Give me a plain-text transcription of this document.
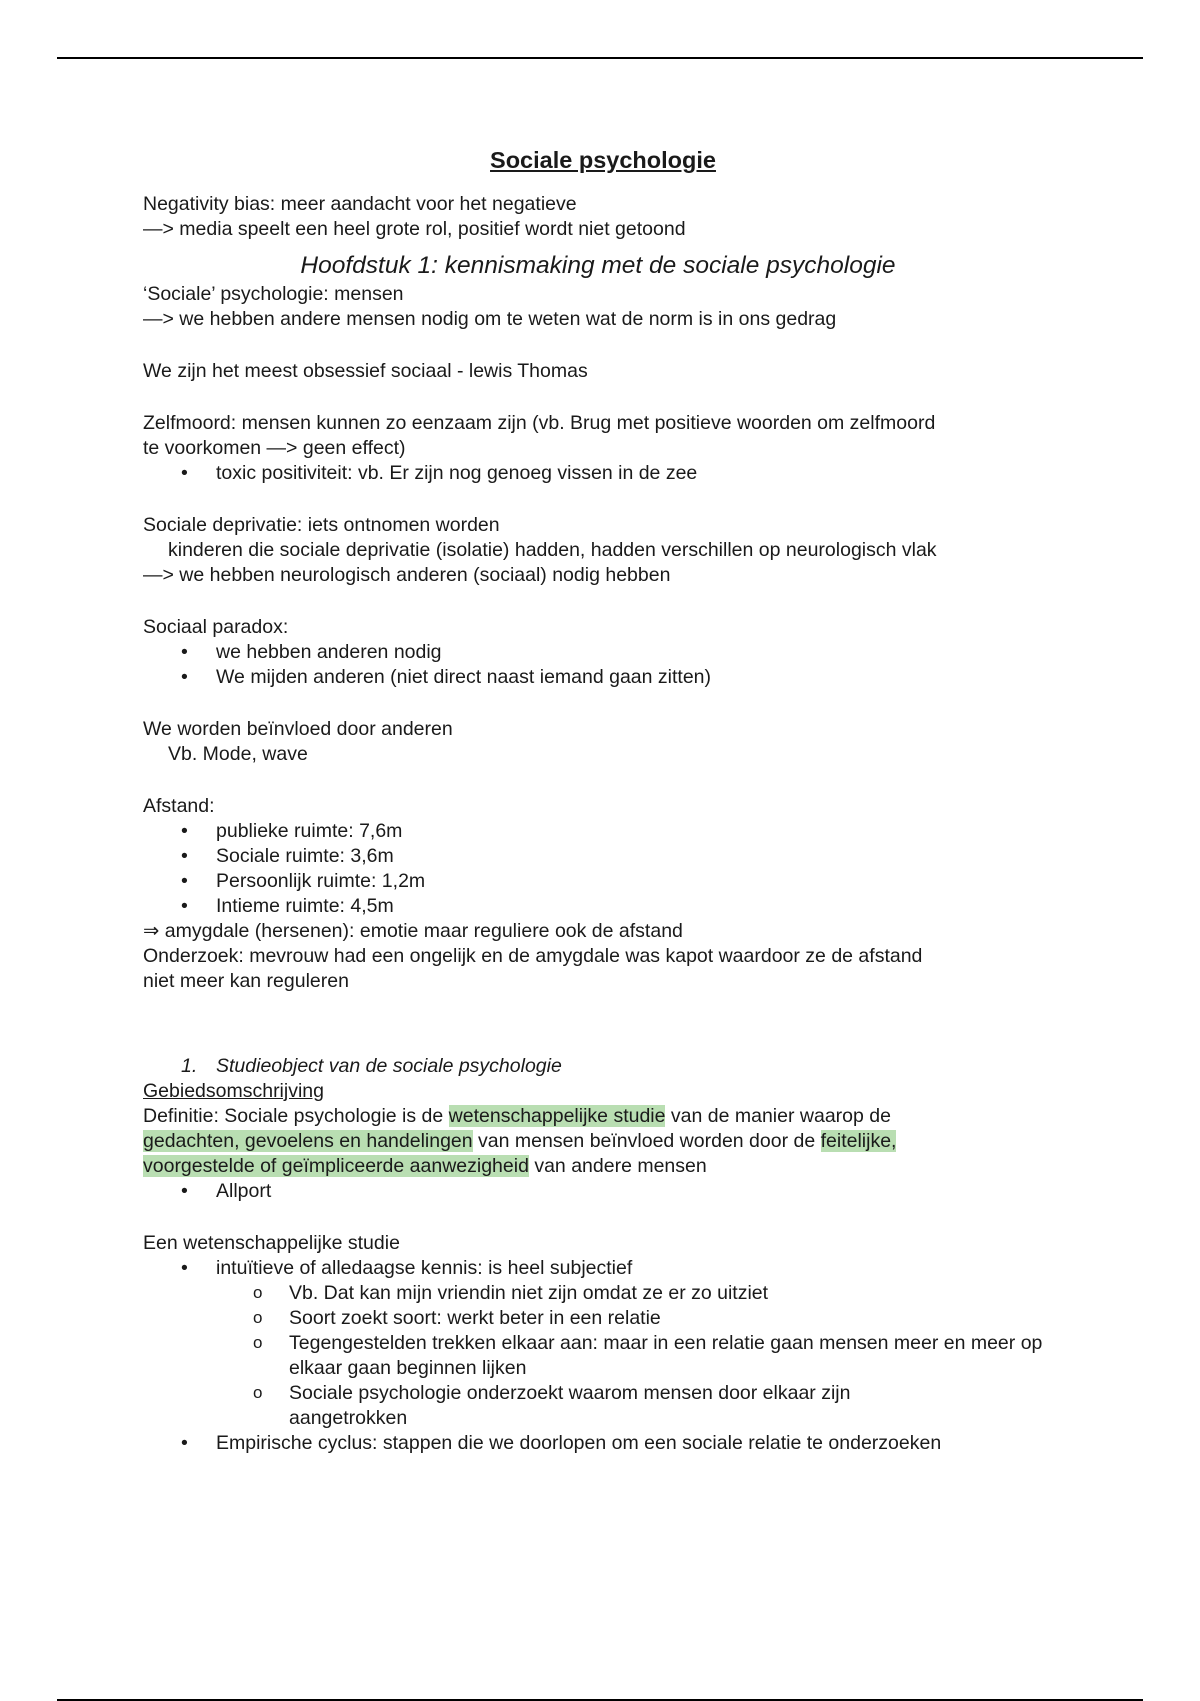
Sociale psychologie

Negativity bias: meer aandacht voor het negatieve

—> media speelt een heel grote rol, positief wordt niet getoond

Hoofdstuk 1: kennismaking met de sociale psychologie

‘Sociale’ psychologie: mensen

—> we hebben andere mensen nodig om te weten wat de norm is in ons gedrag

We zijn het meest obsessief sociaal - lewis Thomas

Zelfmoord: mensen kunnen zo eenzaam zijn (vb. Brug met positieve woorden om zelfmoord

te voorkomen —> geen effect)

• toxic positiviteit: vb. Er zijn nog genoeg vissen in de zee

Sociale deprivatie: iets ontnomen worden

kinderen die sociale deprivatie (isolatie) hadden, hadden verschillen op neurologisch vlak

—> we hebben neurologisch anderen (sociaal) nodig hebben

Sociaal paradox:

• we hebben anderen nodig
• We mijden anderen (niet direct naast iemand gaan zitten)

We worden beïnvloed door anderen

Vb. Mode, wave

Afstand:

• publieke ruimte: 7,6m
• Sociale ruimte: 3,6m
• Persoonlijk ruimte: 1,2m
• Intieme ruimte: 4,5m

⇒ amygdale (hersenen): emotie maar reguliere ook de afstand

Onderzoek: mevrouw had een ongelijk en de amygdale was kapot waardoor ze de afstand

niet meer kan reguleren

1. Studieobject van de sociale psychologie

Gebiedsomschrijving

Definitie: Sociale psychologie is de wetenschappelijke studie van de manier waarop de

gedachten, gevoelens en handelingen van mensen beïnvloed worden door de feitelijke,

voorgestelde of geïmpliceerde aanwezigheid van andere mensen

• Allport

Een wetenschappelijke studie

• intuïtieve of alledaagse kennis: is heel subjectief
o Vb. Dat kan mijn vriendin niet zijn omdat ze er zo uitziet
o Soort zoekt soort: werkt beter in een relatie
o Tegengestelden trekken elkaar aan: maar in een relatie gaan mensen meer en meer op elkaar gaan beginnen lijken
o Sociale psychologie onderzoekt waarom mensen door elkaar zijn aangetrokken
• Empirische cyclus: stappen die we doorlopen om een sociale relatie te onderzoeken
